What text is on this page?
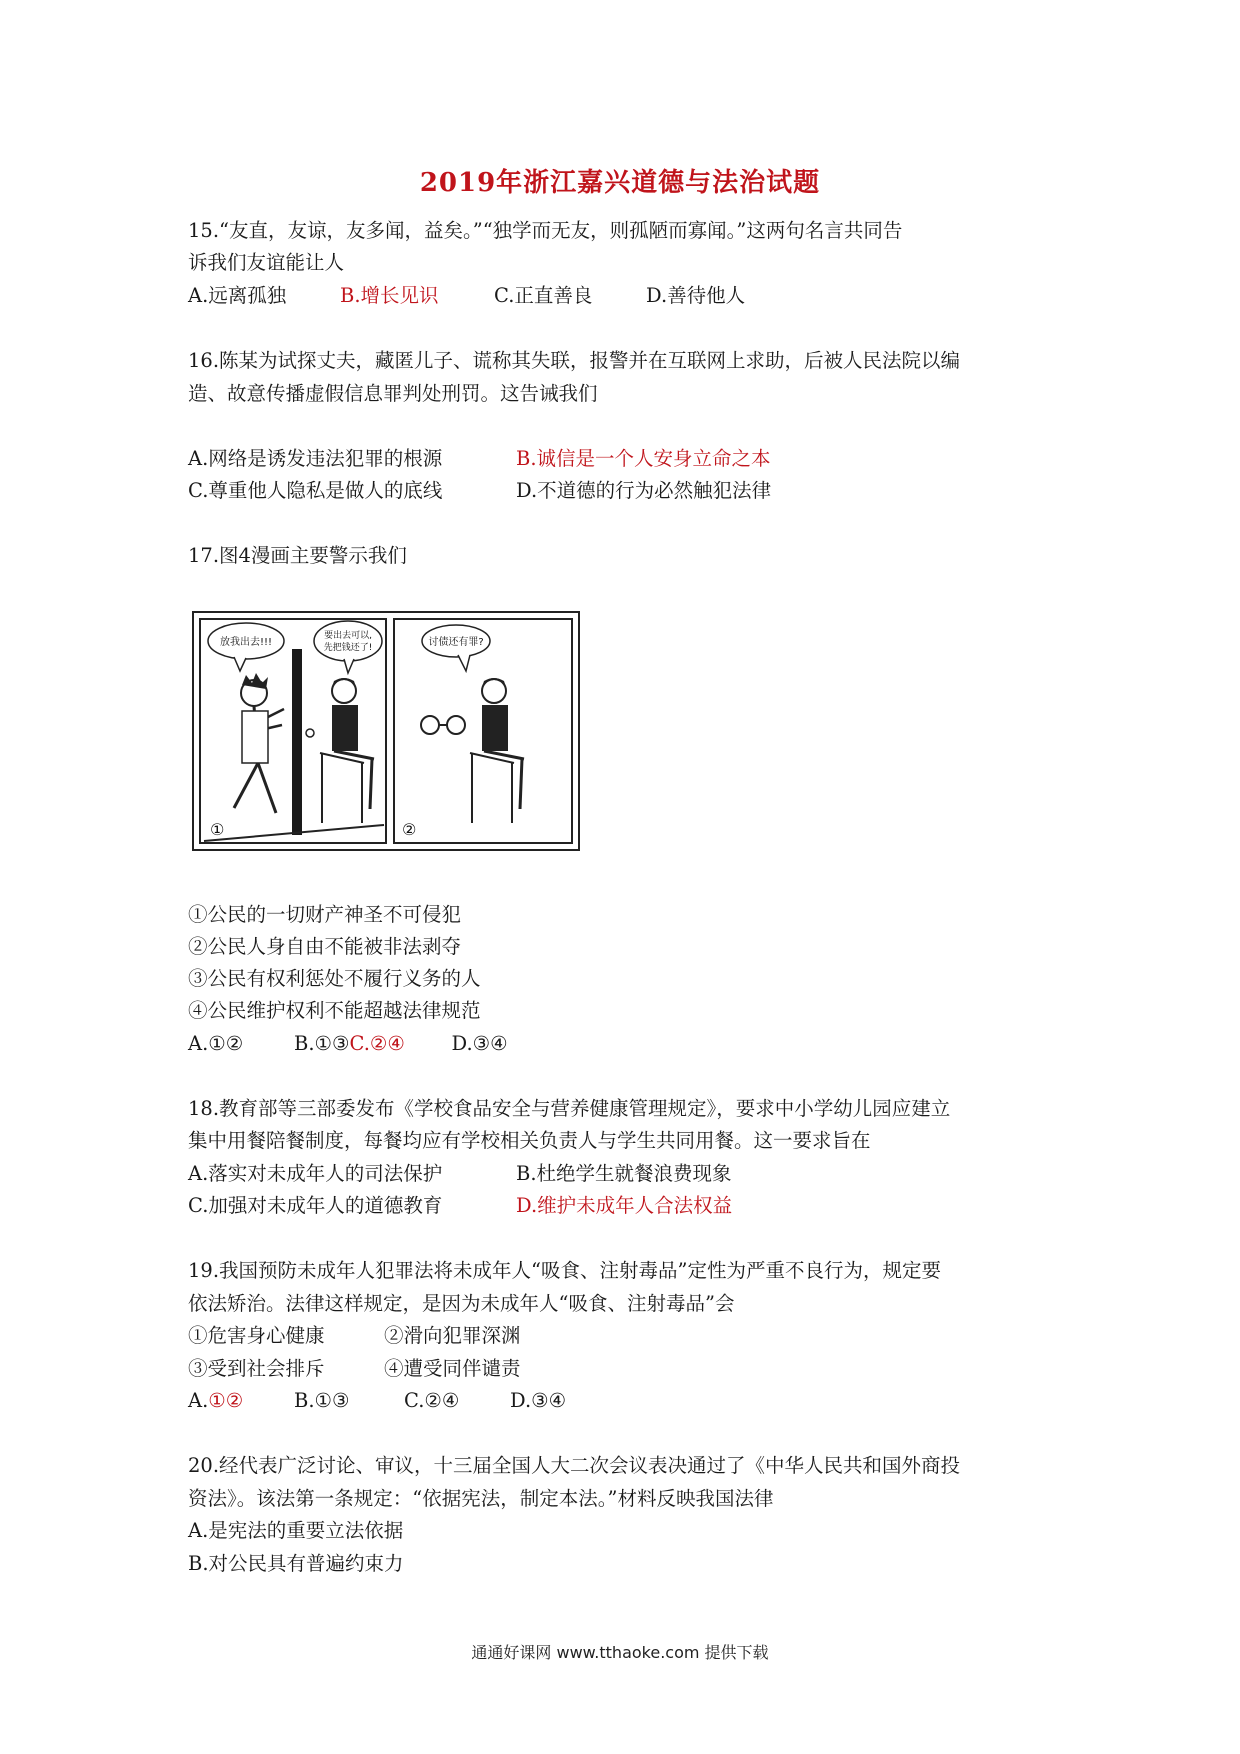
2019年浙江嘉兴道德与法治试题
15.“友直，友谅，友多闻，益矣。”“独学而无友，则孤陋而寡闻。”这两句名言共同告
诉我们友谊能让人
A.远离孤独	B.增长见识	C.正直善良	D.善待他人
16.陈某为试探丈夫，藏匿儿子、谎称其失联，报警并在互联网上求助，后被人民法院以编
造、故意传播虚假信息罪判处刑罚。这告诫我们
A.网络是诱发违法犯罪的根源	B.诚信是一个人安身立命之本
C.尊重他人隐私是做人的底线	D.不道德的行为必然触犯法律
17.图4漫画主要警示我们
放我出去!!!
要出去可以,
先把钱还了!	讨债还有罪?
①	②
①公民的一切财产神圣不可侵犯
②公民人身自由不能被非法剥夺
③公民有权利惩处不履行义务的人
④公民维护权利不能超越法律规范
A.①②	B.①③C.②④ D.③④
18.教育部等三部委发布《学校食品安全与营养健康管理规定》，要求中小学幼儿园应建立
集中用餐陪餐制度，每餐均应有学校相关负责人与学生共同用餐。这一要求旨在
A.落实对未成年人的司法保护	B.杜绝学生就餐浪费现象
C.加强对未成年人的道德教育	D.维护未成年人合法权益
19.我国预防未成年人犯罪法将未成年人“吸食、注射毒品”定性为严重不良行为，规定要
依法矫治。法律这样规定，是因为未成年人“吸食、注射毒品”会
①危害身心健康	②滑向犯罪深渊
③受到社会排斥	④遭受同伴谴责
A.①②	B.①③	C.②④	D.③④
20.经代表广泛讨论、审议，十三届全国人大二次会议表决通过了《中华人民共和国外商投
资法》。该法第一条规定：“依据宪法，制定本法。”材料反映我国法律
A.是宪法的重要立法依据
B.对公民具有普遍约束力
通通好课网 www.tthaoke.com 提供下载
